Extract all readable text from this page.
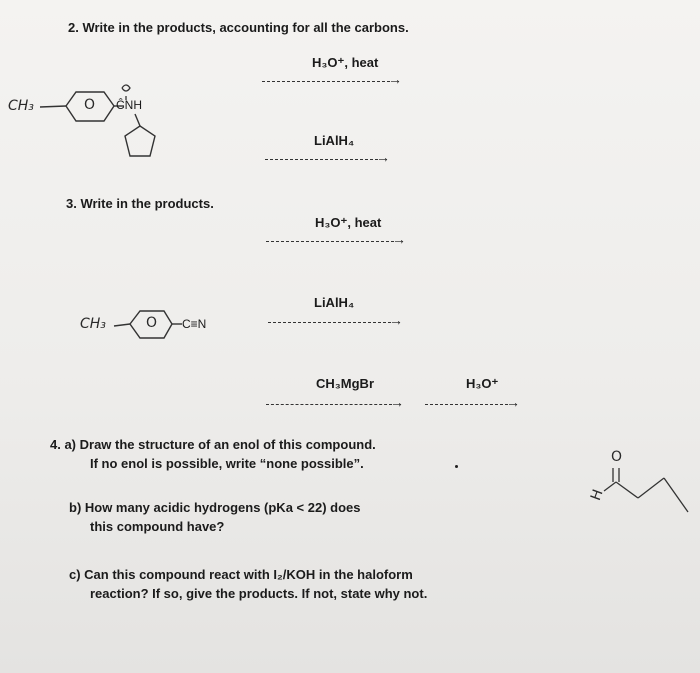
2. Write in the products, accounting for all the carbons.
H₃O⁺, heat
→
LiAlH₄
→
CH₃	O ĈNH
3. Write in the products.
H₃O⁺, heat
→
LiAlH₄
→
CH₃MgBr
→
H₃O⁺
→
CH₃	O C≡N
4. a) Draw the structure of an enol of this compound.
If no enol is possible, write “none possible”.
b) How many acidic hydrogens (pKa < 22) does
this compound have?
c) Can this compound react with I₂/KOH in the haloform
reaction? If so, give the products. If not, state why not.
O
H
